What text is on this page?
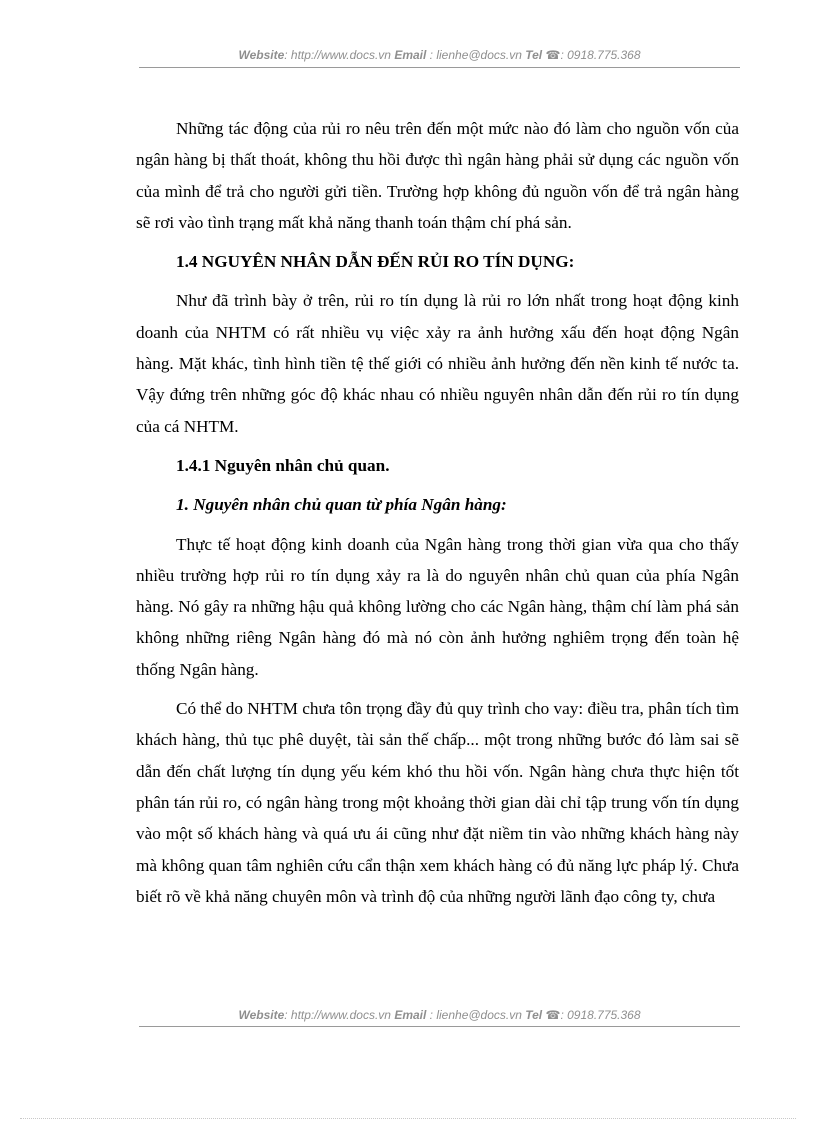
Website: http://www.docs.vn Email : lienhe@docs.vn Tel ☎: 0918.775.368

Những tác động của rủi ro nêu trên đến một mức nào đó làm cho nguồn vốn của ngân hàng bị thất thoát, không thu hồi được thì ngân hàng phải sử dụng các nguồn vốn của mình để trả cho người gửi tiền. Trường hợp không đủ nguồn vốn để trả ngân hàng sẽ rơi vào tình trạng mất khả năng thanh toán thậm chí phá sản.

1.4 NGUYÊN NHÂN DẪN ĐẾN RỦI RO TÍN DỤNG:

Như đã trình bày ở trên, rủi ro tín dụng là rủi ro lớn nhất trong hoạt động kinh doanh của NHTM có rất nhiều vụ việc xảy ra ảnh hưởng xấu đến hoạt động Ngân hàng. Mặt khác, tình hình tiền tệ thế giới có nhiều ảnh hưởng đến nền kinh tế nước ta. Vậy đứng trên những góc độ khác nhau có nhiều nguyên nhân dẫn đến rủi ro tín dụng của cá NHTM.

1.4.1 Nguyên nhân chủ quan.
1. Nguyên nhân chủ quan từ phía Ngân hàng:

Thực tế hoạt động kinh doanh của Ngân hàng trong thời gian vừa qua cho thấy nhiều trường hợp rủi ro tín dụng xảy ra là do nguyên nhân chủ quan của phía Ngân hàng. Nó gây ra những hậu quả không lường cho các Ngân hàng, thậm chí làm phá sản không những riêng Ngân hàng đó mà nó còn ảnh hưởng nghiêm trọng đến toàn hệ thống Ngân hàng.

Có thể do NHTM chưa tôn trọng đầy đủ quy trình cho vay: điều tra, phân tích tìm khách hàng, thủ tục phê duyệt, tài sản thế chấp... một trong những bước đó làm sai sẽ dẫn đến chất lượng tín dụng yếu kém khó thu hồi vốn. Ngân hàng chưa thực hiện tốt phân tán rủi ro, có ngân hàng trong một khoảng thời gian dài chỉ tập trung vốn tín dụng vào một số khách hàng và quá ưu ái cũng như đặt niềm tin vào những khách hàng này mà không quan tâm nghiên cứu cẩn thận xem khách hàng có đủ năng lực pháp lý. Chưa biết rõ về khả năng chuyên môn và trình độ của những người lãnh đạo công ty, chưa

Website: http://www.docs.vn Email : lienhe@docs.vn Tel ☎: 0918.775.368
